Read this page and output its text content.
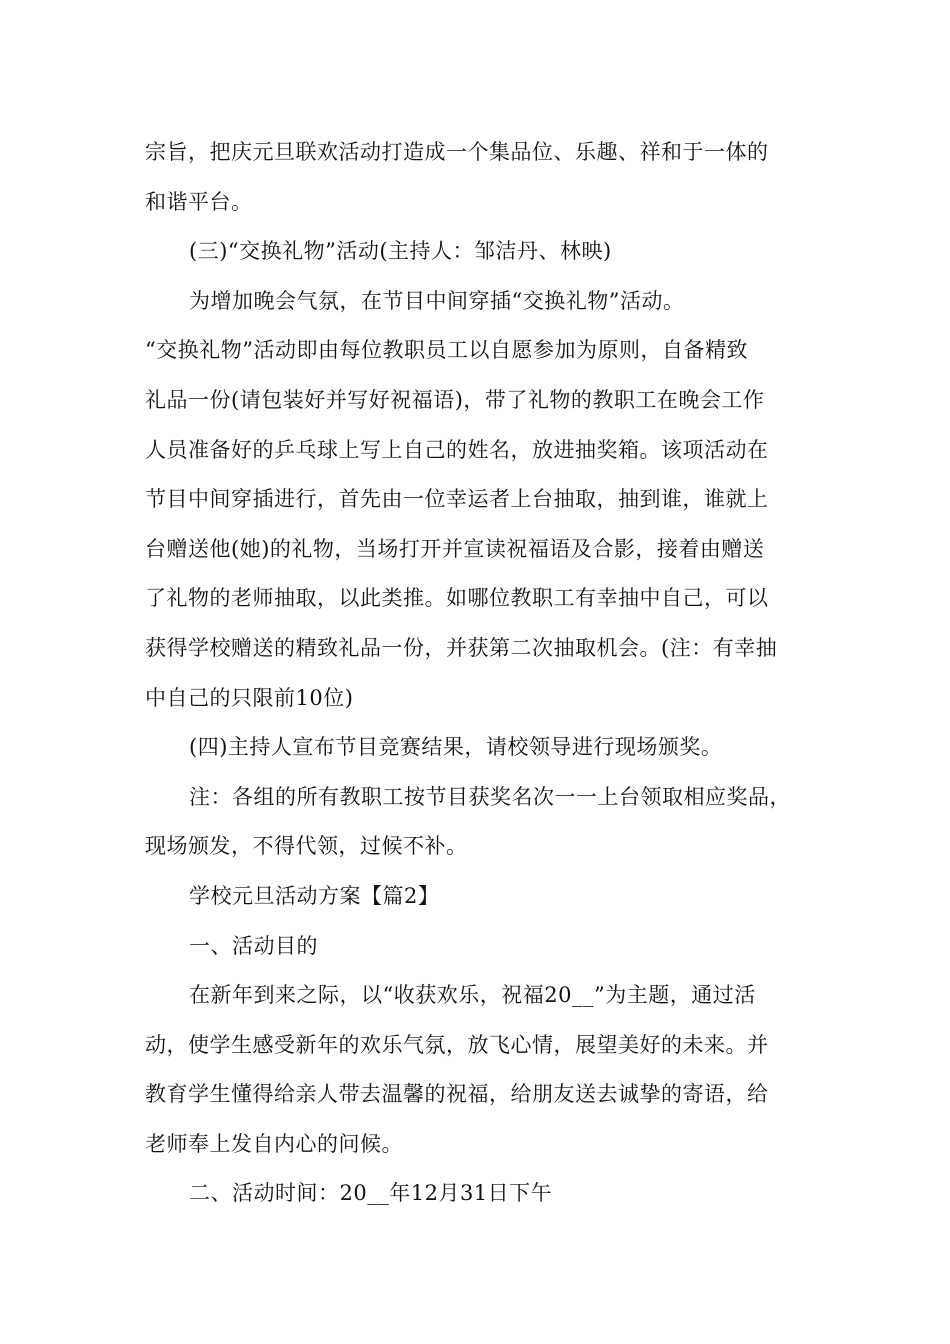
宗旨，把庆元旦联欢活动打造成一个集品位、乐趣、祥和于一体的
和谐平台。
(三)“交换礼物”活动(主持人：邹洁丹、林映)
为增加晚会气氛，在节目中间穿插“交换礼物”活动。
“交换礼物”活动即由每位教职员工以自愿参加为原则，自备精致
礼品一份(请包装好并写好祝福语)，带了礼物的教职工在晚会工作
人员准备好的乒乓球上写上自己的姓名，放进抽奖箱。该项活动在
节目中间穿插进行，首先由一位幸运者上台抽取，抽到谁，谁就上
台赠送他(她)的礼物，当场打开并宣读祝福语及合影，接着由赠送
了礼物的老师抽取，以此类推。如哪位教职工有幸抽中自己，可以
获得学校赠送的精致礼品一份，并获第二次抽取机会。(注：有幸抽
中自己的只限前10位)
(四)主持人宣布节目竞赛结果，请校领导进行现场颁奖。
注：各组的所有教职工按节目获奖名次一一上台领取相应奖品，
现场颁发，不得代领，过候不补。
学校元旦活动方案【篇2】
一、活动目的
在新年到来之际，以“收获欢乐，祝福20__”为主题，通过活
动，使学生感受新年的欢乐气氛，放飞心情，展望美好的未来。并
教育学生懂得给亲人带去温馨的祝福，给朋友送去诚挚的寄语，给
老师奉上发自内心的问候。
二、活动时间：20__年12月31日下午
